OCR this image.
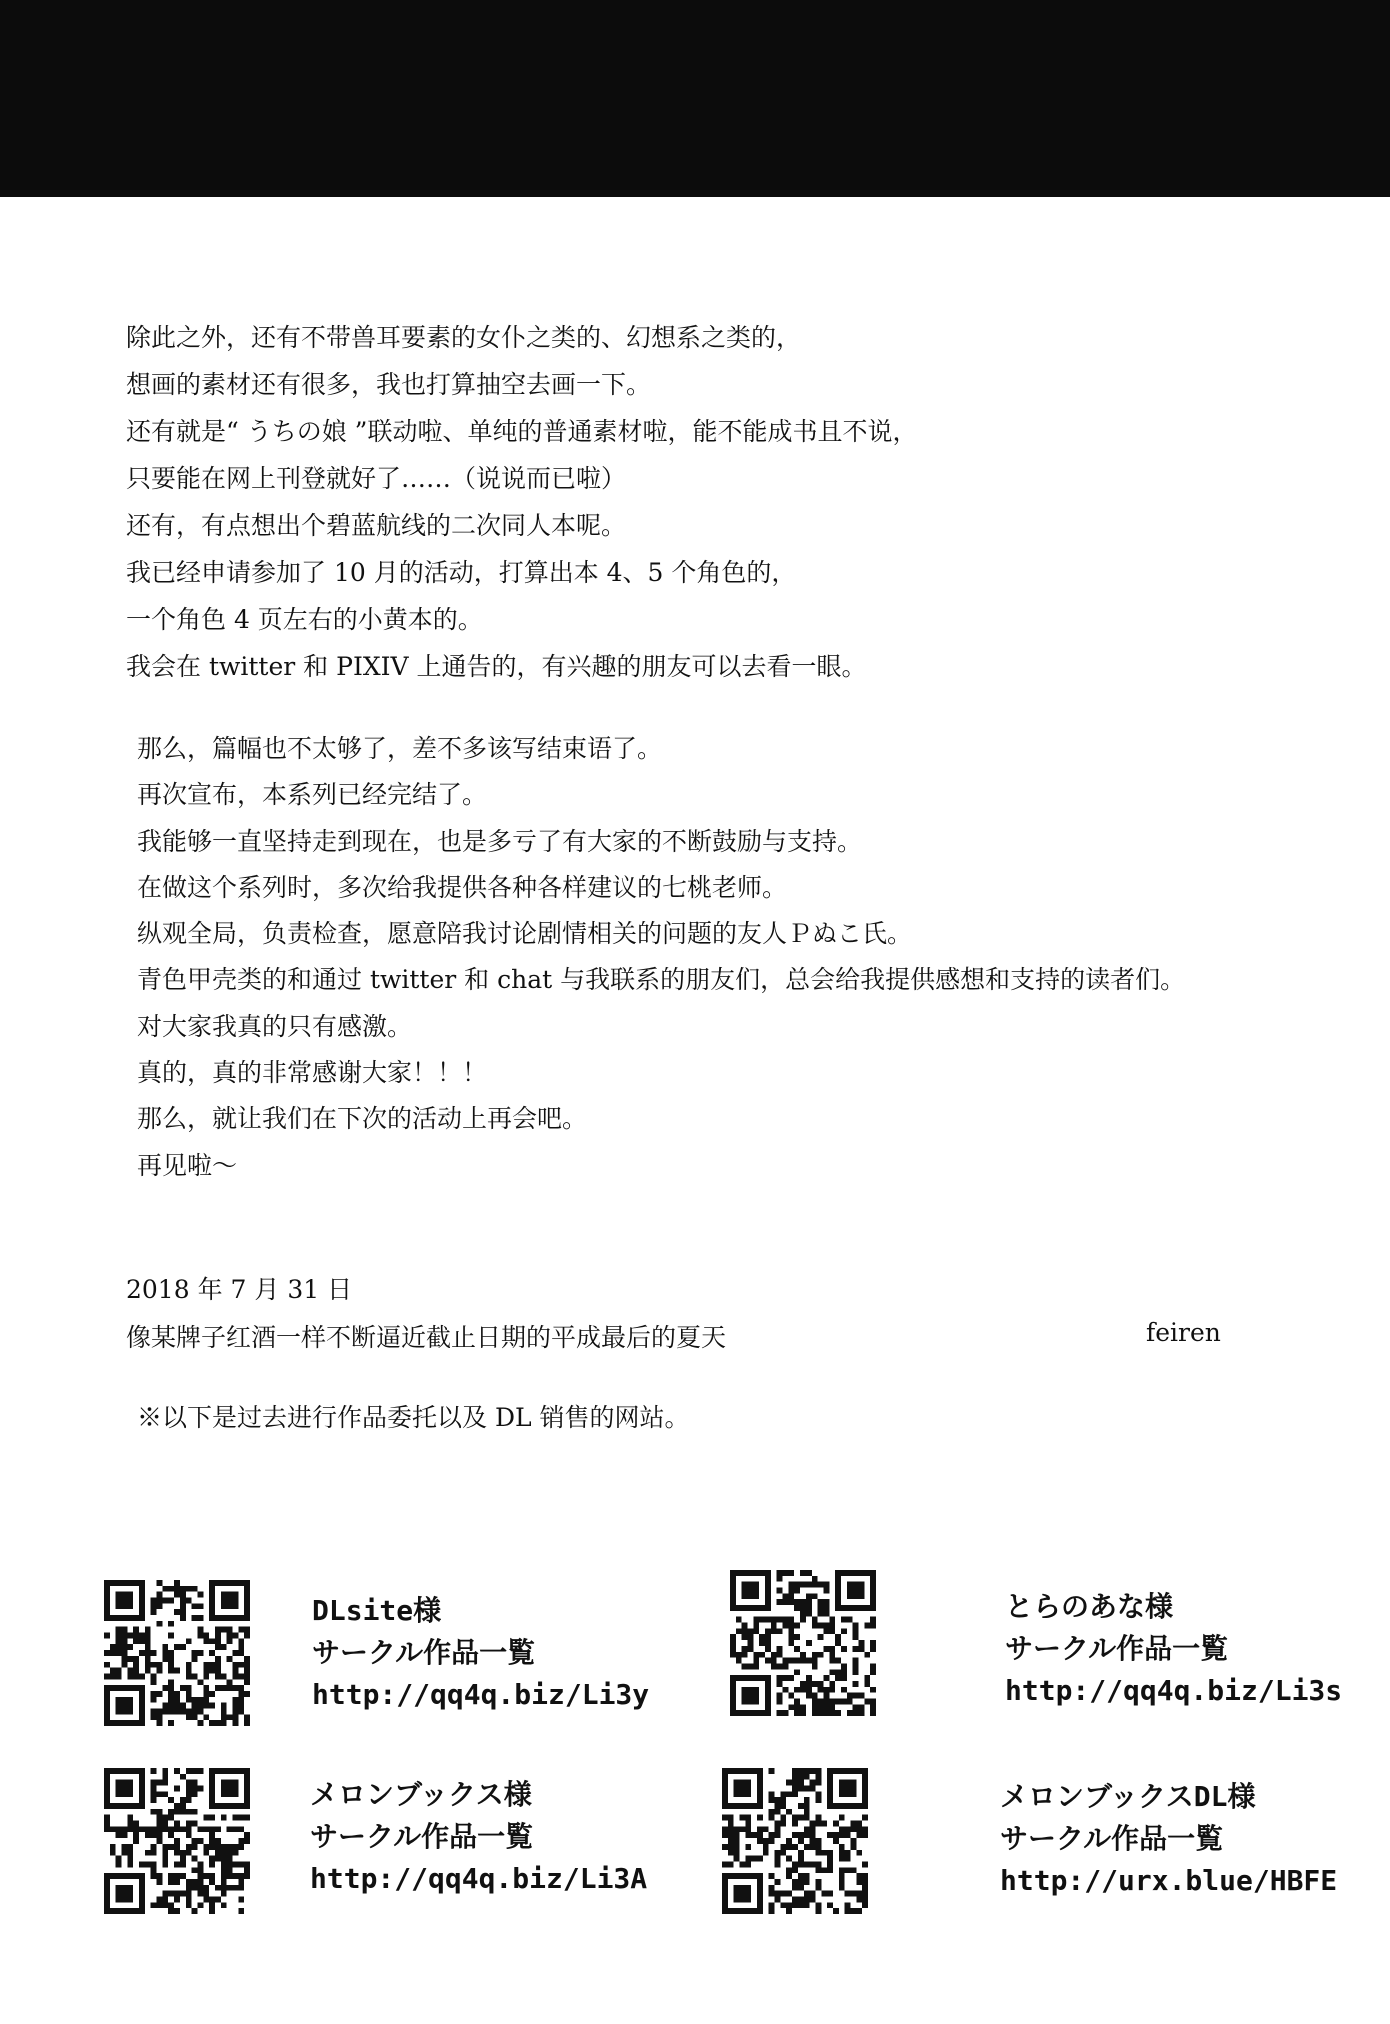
除此之外，还有不带兽耳要素的女仆之类的、幻想系之类的，
想画的素材还有很多，我也打算抽空去画一下。
还有就是“ うちの娘 ”联动啦、单纯的普通素材啦，能不能成书且不说，
只要能在网上刊登就好了……（说说而已啦）
还有，有点想出个碧蓝航线的二次同人本呢。
我已经申请参加了 10 月的活动，打算出本 4、5 个角色的，
一个角色 4 页左右的小黄本的。
我会在 twitter 和 PIXIV 上通告的，有兴趣的朋友可以去看一眼。
那么，篇幅也不太够了，差不多该写结束语了。
再次宣布，本系列已经完结了。
我能够一直坚持走到现在，也是多亏了有大家的不断鼓励与支持。
在做这个系列时，多次给我提供各种各样建议的七桃老师。
纵观全局，负责检查，愿意陪我讨论剧情相关的问题的友人Ｐぬこ氏。
青色甲壳类的和通过 twitter 和 chat 与我联系的朋友们，总会给我提供感想和支持的读者们。
对大家我真的只有感激。
真的，真的非常感谢大家！！！
那么，就让我们在下次的活动上再会吧。
再见啦～
2018 年 7 月 31 日
像某牌子红酒一样不断逼近截止日期的平成最后的夏天	feiren
※以下是过去进行作品委托以及 DL 销售的网站。
DLsite様
サークル作品一覧
http://qq4q.biz/Li3y
とらのあな様
サークル作品一覧
http://qq4q.biz/Li3s
メロンブックス様
サークル作品一覧
http://qq4q.biz/Li3A
メロンブックスDL様
サークル作品一覧
http://urx.blue/HBFE
